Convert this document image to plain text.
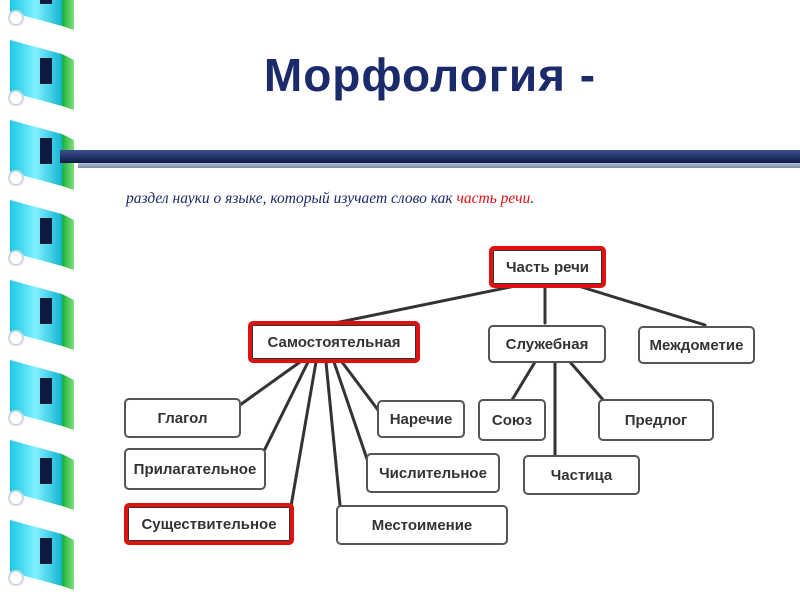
Морфология -
раздел науки о языке, который изучает слово как часть речи.
Часть речи
Самостоятельная	Служебная	Междометие
Глагол
Прилагательное
Существительное
Наречие
Числительное
Местоимение
Союз
Частица
Предлог
